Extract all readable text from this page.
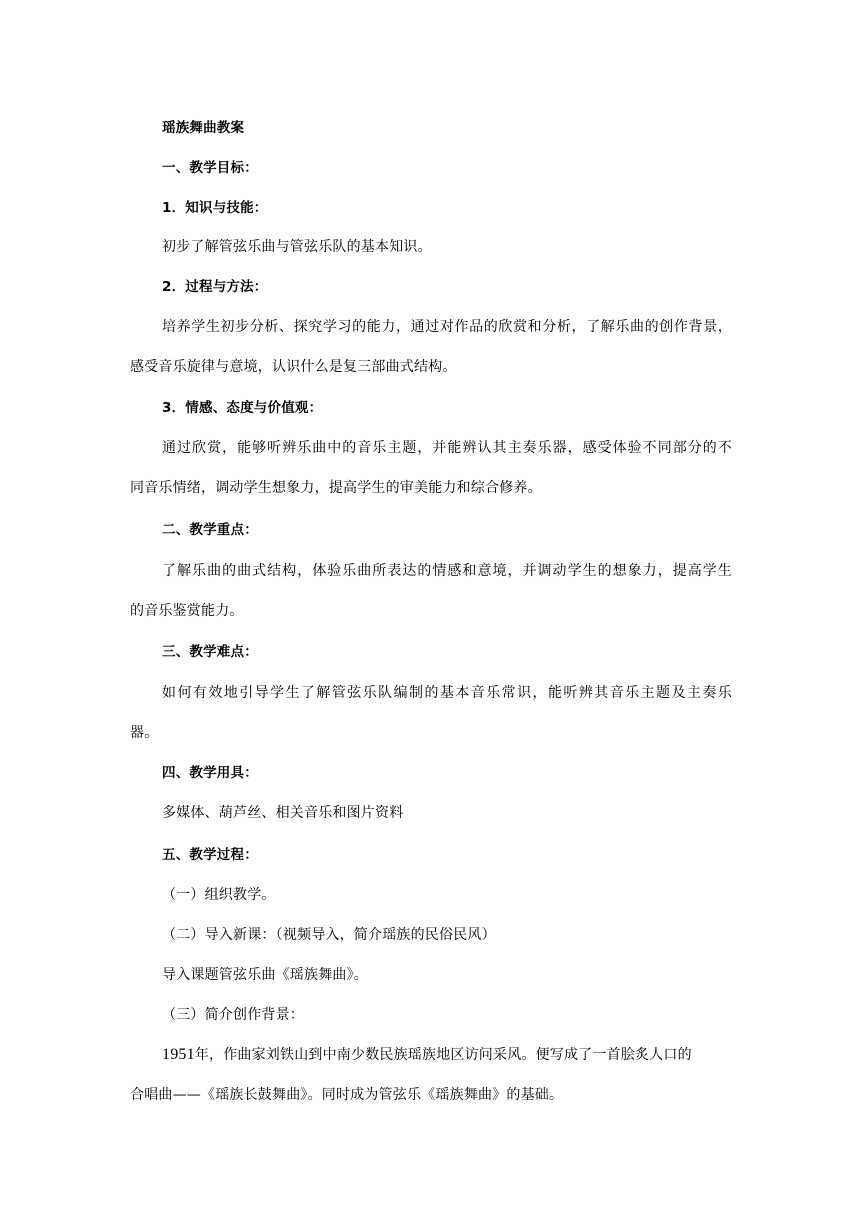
瑶族舞曲教案
一、教学目标：
1．知识与技能：
初步了解管弦乐曲与管弦乐队的基本知识。
2．过程与方法：
培养学生初步分析、探究学习的能力，通过对作品的欣赏和分析，了解乐曲的创作背景，
感受音乐旋律与意境，认识什么是复三部曲式结构。
3．情感、态度与价值观：
通过欣赏，能够听辨乐曲中的音乐主题，并能辨认其主奏乐器，感受体验不同部分的不
同音乐情绪，调动学生想象力，提高学生的审美能力和综合修养。
二、教学重点：
了解乐曲的曲式结构，体验乐曲所表达的情感和意境，并调动学生的想象力，提高学生
的音乐鉴赏能力。
三、教学难点：
如何有效地引导学生了解管弦乐队编制的基本音乐常识，能听辨其音乐主题及主奏乐
器。
四、教学用具：
多媒体、葫芦丝、相关音乐和图片资料
五、教学过程：
（一）组织教学。
（二）导入新课：（视频导入，简介瑶族的民俗民风）
导入课题管弦乐曲《瑶族舞曲》。
（三）简介创作背景：
1951年，作曲家刘铁山到中南少数民族瑶族地区访问采风。便写成了一首脍炙人口的
合唱曲——《瑶族长鼓舞曲》。同时成为管弦乐《瑶族舞曲》的基础。
